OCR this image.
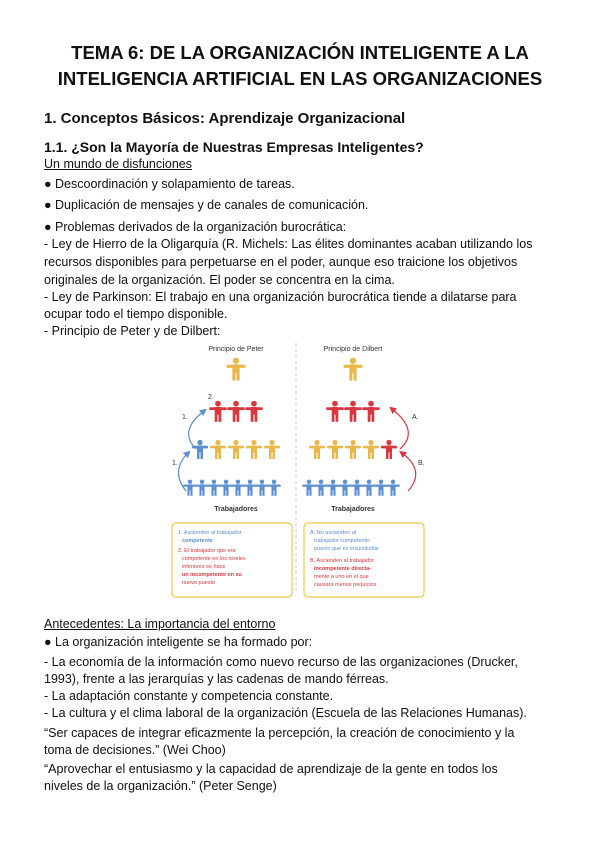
TEMA 6: DE LA ORGANIZACIÓN INTELIGENTE A LA INTELIGENCIA ARTIFICIAL EN LAS ORGANIZACIONES
1. Conceptos Básicos: Aprendizaje Organizacional
1.1. ¿Son la Mayoría de Nuestras Empresas Inteligentes?
Un mundo de disfunciones
● Descoordinación y solapamiento de tareas.
● Duplicación de mensajes y de canales de comunicación.
● Problemas derivados de la organización burocrática:
- Ley de Hierro de la Oligarquía (R. Michels: Las élites dominantes acaban utilizando los
recursos disponibles para perpetuarse en el poder, aunque eso traicione los objetivos
originales de la organización. El poder se concentra en la cima.
- Ley de Parkinson: El trabajo en una organización burocrática tiende a dilatarse para
ocupar todo el tiempo disponible.
- Principio de Peter y de Dilbert:
Principio de Peter	Principio de Dilbert
2.
1.
1.
Trabajadores
A.
B.
Trabajadores
1. Ascienden al trabajador
competente
2. El trabajador que era
competente en los niveles
inferiores se hace
un incompetente en su
nuevo puesto
A. No ascienden al
trabajador competente:
puesto que es insustituible
B. Ascienden al trabajador
incompetente directa-
mente a uno en el que
causará menos perjuicios
Antecedentes: La importancia del entorno
● La organización inteligente se ha formado por:
- La economía de la información como nuevo recurso de las organizaciones (Drucker,
1993), frente a las jerarquías y las cadenas de mando férreas.
- La adaptación constante y competencia constante.
- La cultura y el clima laboral de la organización (Escuela de las Relaciones Humanas).
“Ser capaces de integrar eficazmente la percepción, la creación de conocimiento y la
toma de decisiones.” (Wei Choo)
“Aprovechar el entusiasmo y la capacidad de aprendizaje de la gente en todos los
niveles de la organización.” (Peter Senge)
